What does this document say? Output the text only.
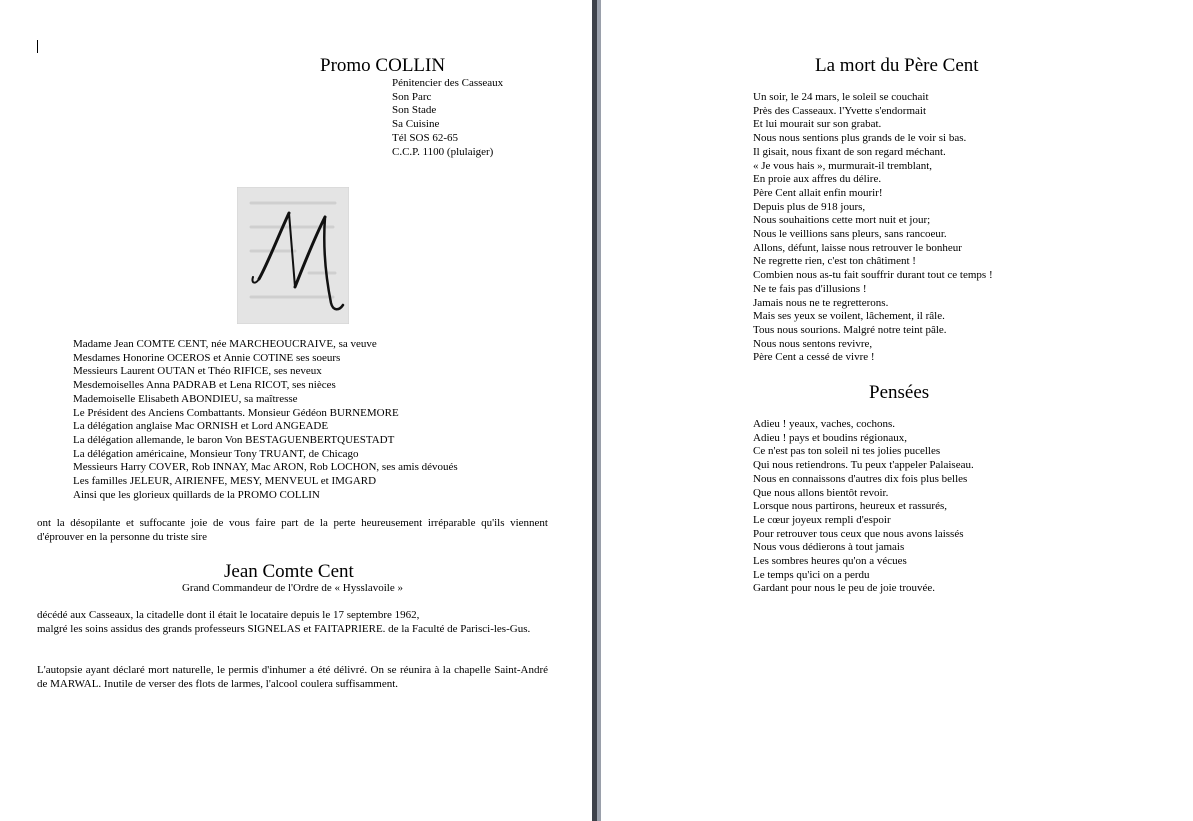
Promo COLLIN
Pénitencier des Casseaux
Son Parc
Son Stade
Sa Cuisine
Tél SOS 62-65
C.C.P. 1100 (plulaiger)
Madame Jean COMTE CENT, née MARCHEOUCRAIVE, sa veuve
Mesdames Honorine OCEROS et Annie COTINE ses soeurs
Messieurs Laurent OUTAN et Théo RIFICE, ses neveux
Mesdemoiselles Anna PADRAB et Lena RICOT, ses nièces
Mademoiselle Elisabeth ABONDIEU, sa maîtresse
Le Président des Anciens Combattants. Monsieur Gédéon BURNEMORE
La délégation anglaise Mac ORNISH et Lord ANGEADE
La délégation allemande, le baron Von BESTAGUENBERTQUESTADT
La délégation américaine, Monsieur Tony TRUANT, de Chicago
Messieurs Harry COVER, Rob INNAY, Mac ARON, Rob LOCHON, ses amis dévoués
Les familles JELEUR, AIRIENFE, MESY, MENVEUL et IMGARD
Ainsi que les glorieux quillards de la PROMO COLLIN
ont la désopilante et suffocante joie de vous faire part de la perte heureusement irréparable qu'ils viennent d'éprouver en la personne du triste sire
Jean Comte Cent
Grand Commandeur de l'Ordre de « Hysslavoile »
décédé aux Casseaux, la citadelle dont il était le locataire depuis le 17 septembre 1962,
malgré les soins assidus des grands professeurs SIGNELAS et FAITAPRIERE. de la Faculté de Parisci-les-Gus.
L'autopsie ayant déclaré mort naturelle, le permis d'inhumer a été délivré. On se réunira à la chapelle Saint-André de MARWAL. Inutile de verser des flots de larmes, l'alcool coulera suffisamment.
La mort du Père Cent
Un soir, le 24 mars, le soleil se couchait
Près des Casseaux. l'Yvette s'endormait
Et lui mourait sur son grabat.
Nous nous sentions plus grands de le voir si bas.
Il gisait, nous fixant de son regard méchant.
« Je vous hais », murmurait-il tremblant,
En proie aux affres du délire.
Père Cent allait enfin mourir!
Depuis plus de 918 jours,
Nous souhaitions cette mort nuit et jour;
Nous le veillions sans pleurs, sans rancoeur.
Allons, défunt, laisse nous retrouver le bonheur
Ne regrette rien, c'est ton châtiment !
Combien nous as-tu fait souffrir durant tout ce temps !
Ne te fais pas d'illusions !
Jamais nous ne te regretterons.
Mais ses yeux se voilent, lâchement, il râle.
Tous nous sourions. Malgré notre teint pâle.
Nous nous sentons revivre,
Père Cent a cessé de vivre !
Pensées
Adieu ! yeaux, vaches, cochons.
Adieu ! pays et boudins régionaux,
Ce n'est pas ton soleil ni tes jolies pucelles
Qui nous retiendrons. Tu peux t'appeler Palaiseau.
Nous en connaissons d'autres dix fois plus belles
Que nous allons bientôt revoir.
Lorsque nous partirons, heureux et rassurés,
Le cœur joyeux rempli d'espoir
Pour retrouver tous ceux que nous avons laissés
Nous vous dédierons à tout jamais
Les sombres heures qu'on a vécues
Le temps qu'ici on a perdu
Gardant pour nous le peu de joie trouvée.
